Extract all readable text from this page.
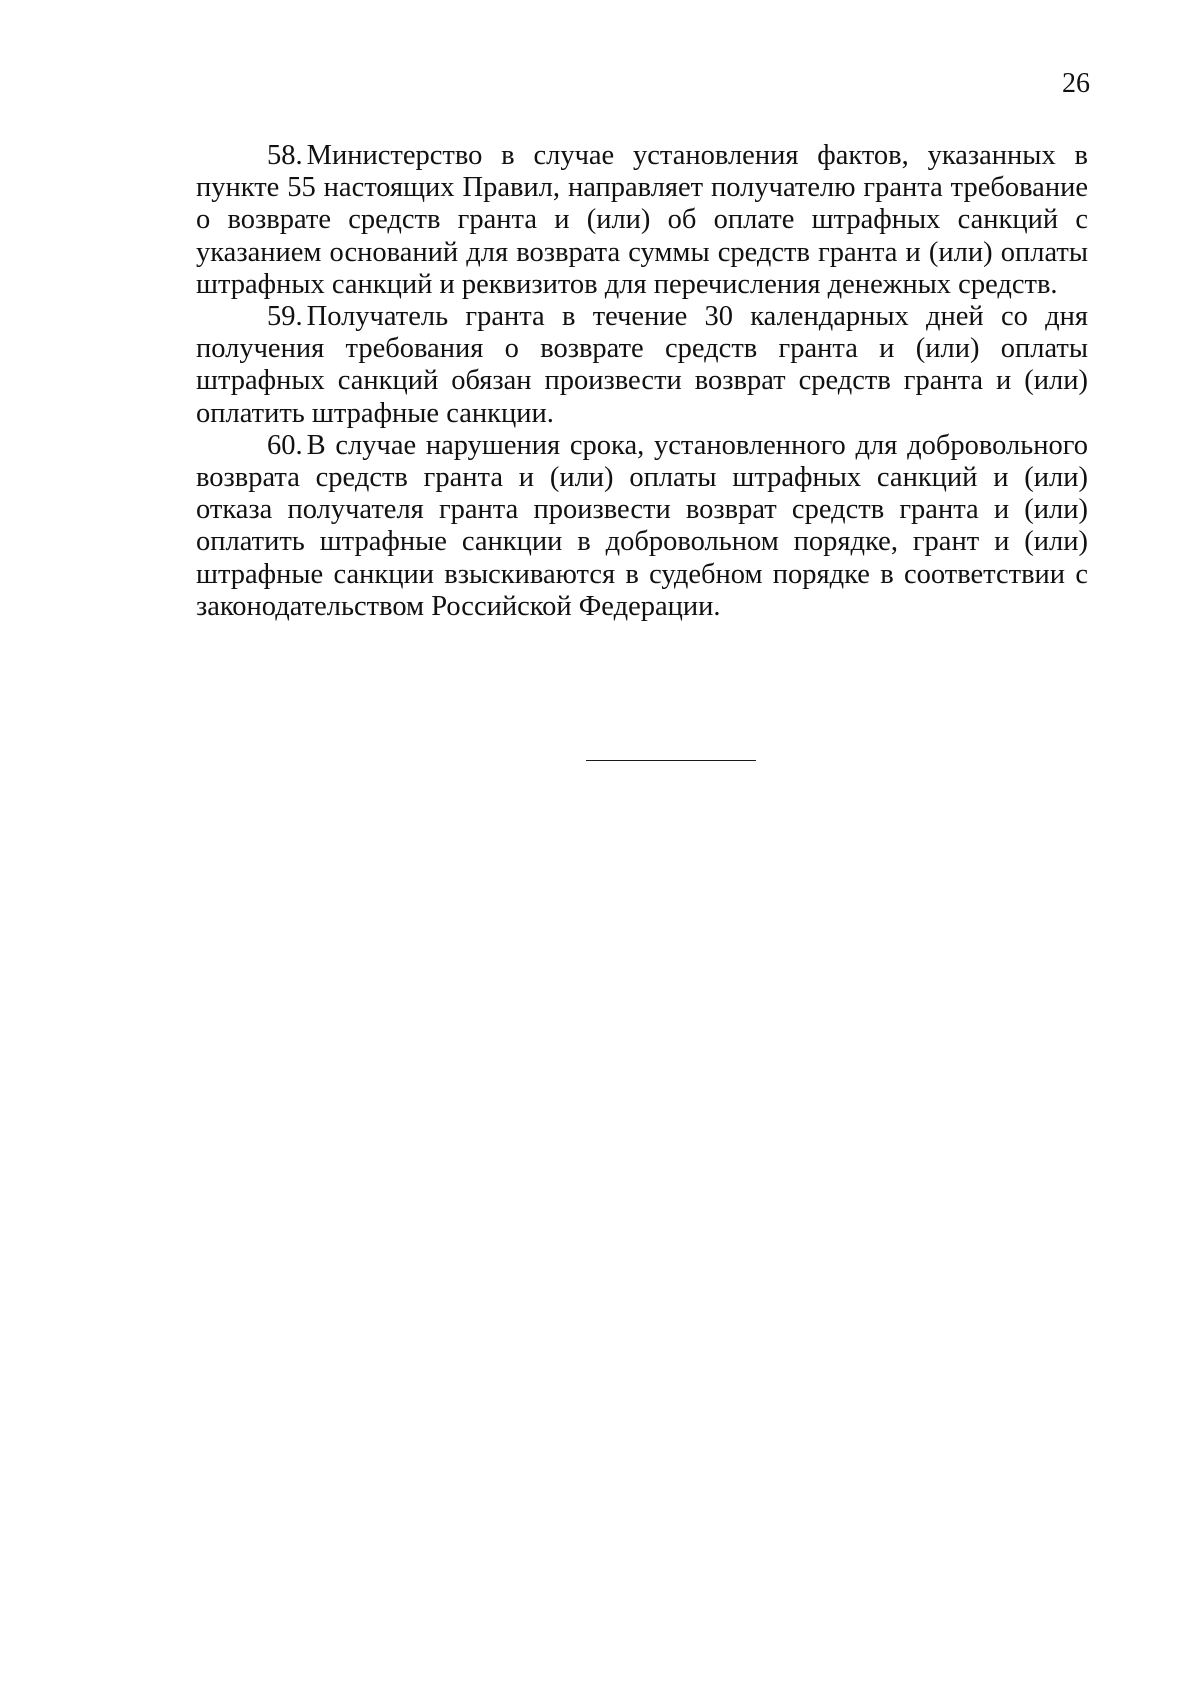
26

58. Министерство в случае установления фактов, указанных в пункте 55 настоящих Правил, направляет получателю гранта требование о возврате средств гранта и (или) об оплате штрафных санкций с указанием оснований для возврата суммы средств гранта и (или) оплаты штрафных санкций и реквизитов для перечисления денежных средств.

59. Получатель гранта в течение 30 календарных дней со дня получения требования о возврате средств гранта и (или) оплаты штрафных санкций обязан произвести возврат средств гранта и (или) оплатить штрафные санкции.

60. В случае нарушения срока, установленного для добровольного возврата средств гранта и (или) оплаты штрафных санкций и (или) отказа получателя гранта произвести возврат средств гранта и (или) оплатить штрафные санкции в добровольном порядке, грант и (или) штрафные санкции взыскиваются в судебном порядке в соответствии с законодательством Российской Федерации.
